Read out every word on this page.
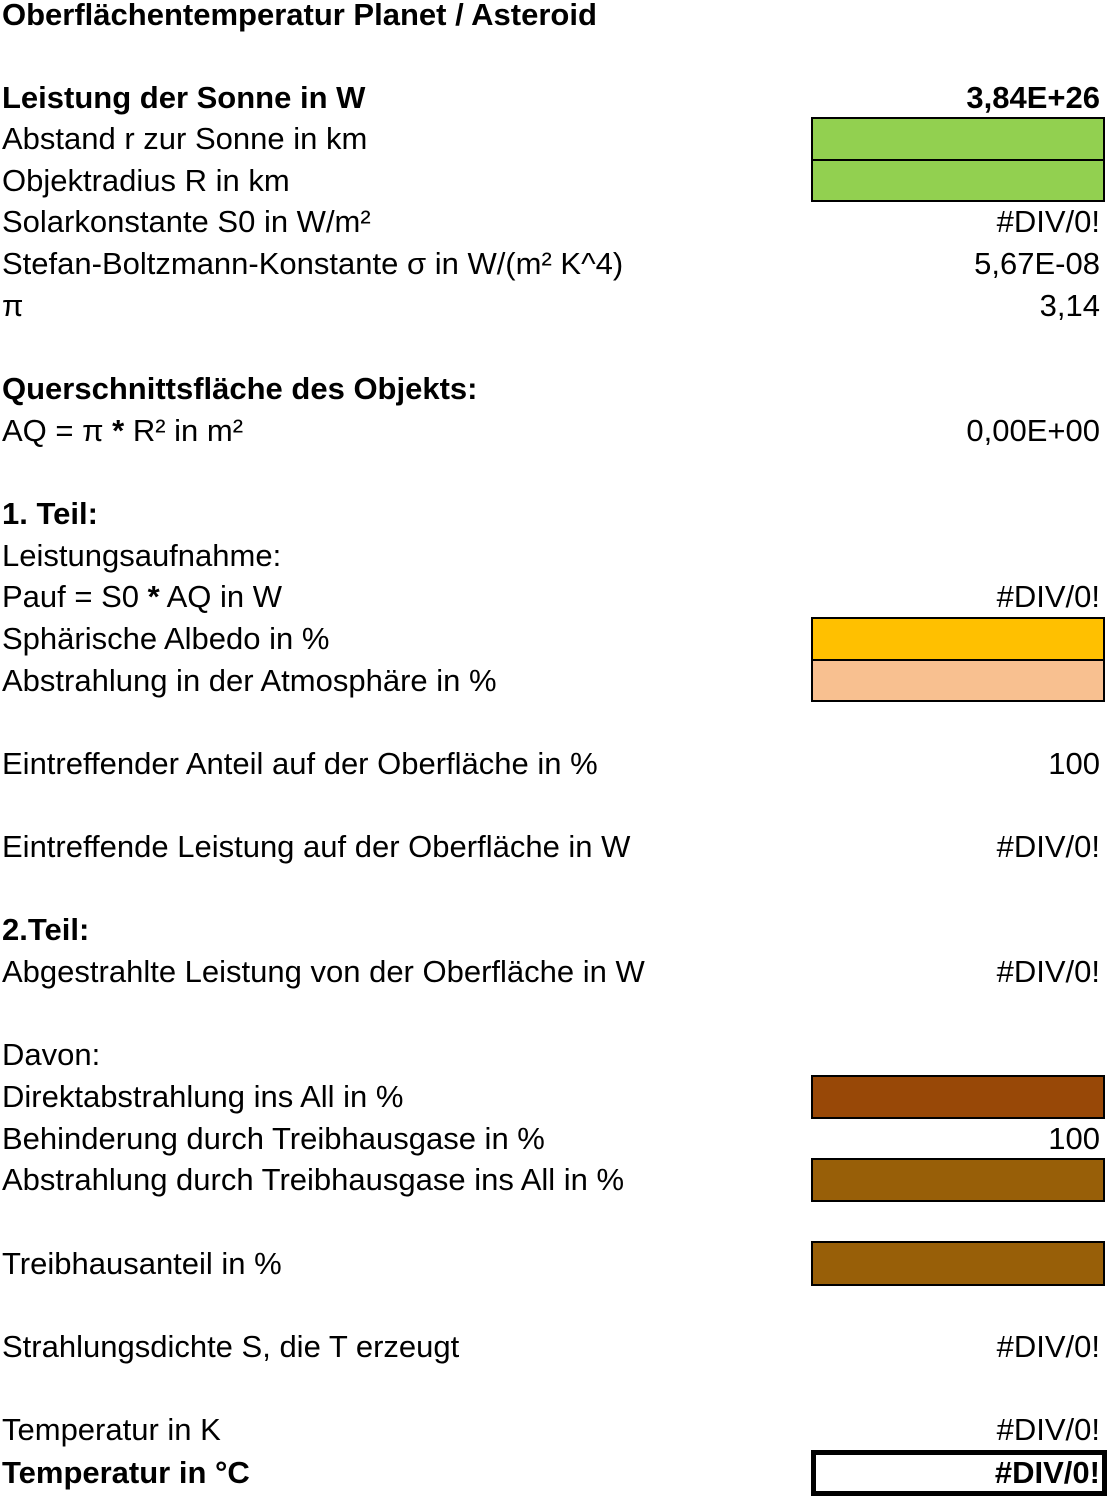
Oberflächentemperatur Planet / Asteroid
Leistung der Sonne in W	3,84E+26
Abstand r zur Sonne in km
Objektradius R in km
Solarkonstante S0 in W/m²	#DIV/0!
Stefan-Boltzmann-Konstante σ in W/(m² K^4)	5,67E-08
π	3,14
Querschnittsfläche des Objekts:
AQ = π * R² in m²	0,00E+00
1. Teil:
Leistungsaufnahme:
Pauf = S0 * AQ in W	#DIV/0!
Sphärische Albedo in %
Abstrahlung in der Atmosphäre in %
Eintreffender Anteil auf der Oberfläche in %	100
Eintreffende Leistung auf der Oberfläche in W	#DIV/0!
2.Teil:
Abgestrahlte Leistung von der Oberfläche in W	#DIV/0!
Davon:
Direktabstrahlung ins All in %
Behinderung durch Treibhausgase in %	100
Abstrahlung durch Treibhausgase ins All in %
Treibhausanteil in %
Strahlungsdichte S, die T erzeugt	#DIV/0!
Temperatur in K	#DIV/0!
Temperatur in °C	#DIV/0!
